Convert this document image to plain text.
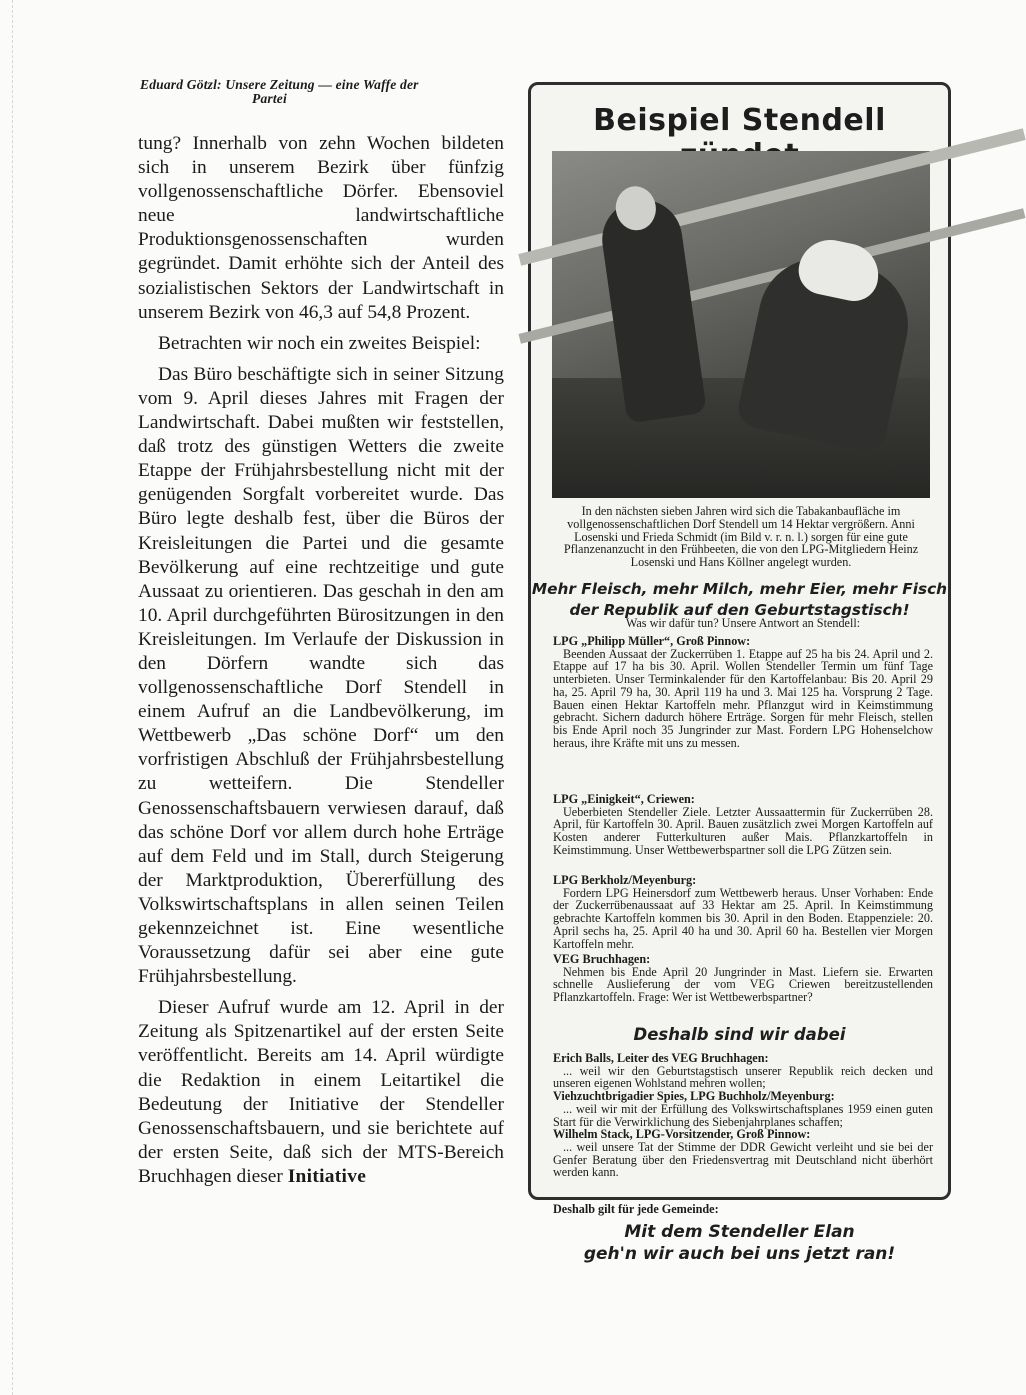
Eduard Götzl: Unsere Zeitung — eine Waffe der
Partei

tung? Innerhalb von zehn Wochen bildeten sich in unserem Bezirk über fünfzig vollgenossenschaftliche Dörfer. Ebensoviel neue landwirtschaftliche Produktionsgenossenschaften wurden gegründet. Damit erhöhte sich der Anteil des sozialistischen Sektors der Landwirtschaft in unserem Bezirk von 46,3 auf 54,8 Prozent.

Betrachten wir noch ein zweites Beispiel:

Das Büro beschäftigte sich in seiner Sitzung vom 9. April dieses Jahres mit Fragen der Landwirtschaft. Dabei mußten wir feststellen, daß trotz des günstigen Wetters die zweite Etappe der Frühjahrsbestellung nicht mit der genügenden Sorgfalt vorbereitet wurde. Das Büro legte deshalb fest, über die Büros der Kreisleitungen die Partei und die gesamte Bevölkerung auf eine rechtzeitige und gute Aussaat zu orientieren. Das geschah in den am 10. April durchgeführten Bürositzungen in den Kreisleitungen. Im Verlaufe der Diskussion in den Dörfern wandte sich das vollgenossenschaftliche Dorf Stendell in einem Aufruf an die Landbevölkerung, im Wettbewerb „Das schöne Dorf“ um den vorfristigen Abschluß der Frühjahrsbestellung zu wetteifern. Die Stendeller Genossenschaftsbauern verwiesen darauf, daß das schöne Dorf vor allem durch hohe Erträge auf dem Feld und im Stall, durch Steigerung der Marktproduktion, Übererfüllung des Volkswirtschaftsplans in allen seinen Teilen gekennzeichnet ist. Eine wesentliche Voraussetzung dafür sei aber eine gute Frühjahrsbestellung.

Dieser Aufruf wurde am 12. April in der Zeitung als Spitzenartikel auf der ersten Seite veröffentlicht. Bereits am 14. April würdigte die Redaktion in einem Leitartikel die Bedeutung der Initiative der Stendeller Genossenschaftsbauern, und sie berichtete auf der ersten Seite, daß sich der MTS-Bereich Bruchhagen dieser Initiative

Beispiel Stendell
In den nächsten sieben Jahren wird sich die Tabakanbaufläche im vollgenossenschaftlichen Dorf Stendell um 14 Hektar vergrößern. Anni Losenski und Frieda Schmidt (im Bild v. r. n. l.) sorgen für eine gute Pflanzenanzucht in den Frühbeeten, die von den LPG-Mitgliedern Heinz Losenski und Hans Köllner angelegt wurden.
Mehr Fleisch, mehr Milch, mehr Eier, mehr Fisch
der Republik auf den Geburtstagstisch!
Was wir dafür tun? Unsere Antwort an Stendell:
LPG „Philipp Müller“, Groß Pinnow:
Beenden Aussaat der Zuckerrüben 1. Etappe auf 25 ha bis 24. April und 2. Etappe auf 17 ha bis 30. April. Wollen Stendeller Termin um fünf Tage unterbieten. Unser Terminkalender für den Kartoffelanbau: Bis 20. April 29 ha, 25. April 79 ha, 30. April 119 ha und 3. Mai 125 ha. Vorsprung 2 Tage. Bauen einen Hektar Kartoffeln mehr. Pflanzgut wird in Keimstimmung gebracht. Sichern dadurch höhere Erträge. Sorgen für mehr Fleisch, stellen bis Ende April noch 35 Jungrinder zur Mast. Fordern LPG Hohenselchow heraus, ihre Kräfte mit uns zu messen.
LPG „Einigkeit“, Criewen:
Ueberbieten Stendeller Ziele. Letzter Aussaattermin für Zuckerrüben 28. April, für Kartoffeln 30. April. Bauen zusätzlich zwei Morgen Kartoffeln auf Kosten anderer Futterkulturen außer Mais. Pflanzkartoffeln in Keimstimmung. Unser Wettbewerbspartner soll die LPG Zützen sein.
LPG Berkholz/Meyenburg:
Fordern LPG Heinersdorf zum Wettbewerb heraus. Unser Vorhaben: Ende der Zuckerrübenaussaat auf 33 Hektar am 25. April. In Keimstimmung gebrachte Kartoffeln kommen bis 30. April in den Boden. Etappenziele: 20. April sechs ha, 25. April 40 ha und 30. April 60 ha. Bestellen vier Morgen Kartoffeln mehr.
VEG Bruchhagen:
Nehmen bis Ende April 20 Jungrinder in Mast. Liefern sie. Erwarten schnelle Auslieferung der vom VEG Criewen bereitzustellenden Pflanzkartoffeln. Frage: Wer ist Wettbewerbspartner?
Deshalb sind wir dabei
Erich Balls, Leiter des VEG Bruchhagen:
... weil wir den Geburtstagstisch unserer Republik reich decken und unseren eigenen Wohlstand mehren wollen;
Viehzuchtbrigadier Spies, LPG Buchholz/Meyenburg:
... weil wir mit der Erfüllung des Volkswirtschaftsplanes 1959 einen guten Start für die Verwirklichung des Siebenjahrplanes schaffen;
Wilhelm Stack, LPG-Vorsitzender, Groß Pinnow:
... weil unsere Tat der Stimme der DDR Gewicht verleiht und sie bei der Genfer Beratung über den Friedensvertrag mit Deutschland nicht überhört werden kann.
Deshalb gilt für jede Gemeinde:
Mit dem Stendeller Elan
geh'n wir auch bei uns jetzt ran!
